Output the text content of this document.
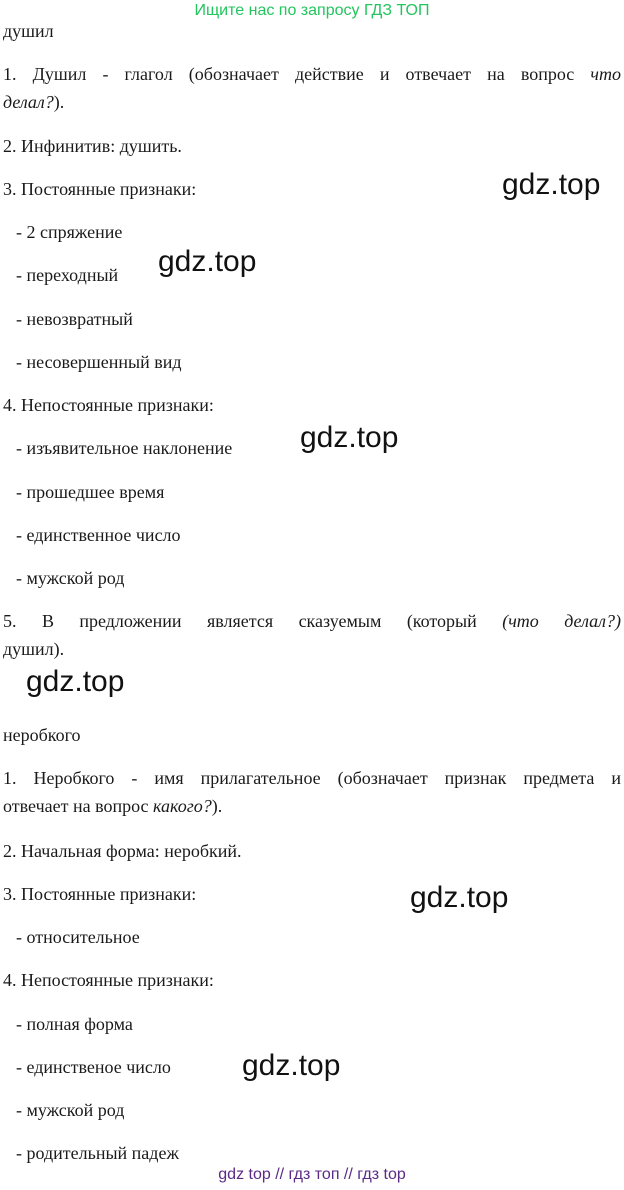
Ищите нас по запросу ГДЗ ТОП
душил
1. Душил - глагол (обозначает действие и отвечает на вопрос что
делал?).
2. Инфинитив: душить.
3. Постоянные признаки:
- 2 спряжение
- переходный
- невозвратный
- несовершенный вид
4. Непостоянные признаки:
- изъявительное наклонение
- прошедшее время
- единственное число
- мужской род
5. В предложении является сказуемым (который (что делал?)
душил).
неробкого
1. Неробкого - имя прилагательное (обозначает признак предмета и
отвечает на вопрос какого?).
2. Начальная форма: неробкий.
3. Постоянные признаки:
- относительное
4. Непостоянные признаки:
- полная форма
- единственое число
- мужской род
- родительный падеж
gdz.top
gdz.top
gdz.top
gdz.top
gdz.top
gdz.top
gdz top // гдз топ // гдз top
